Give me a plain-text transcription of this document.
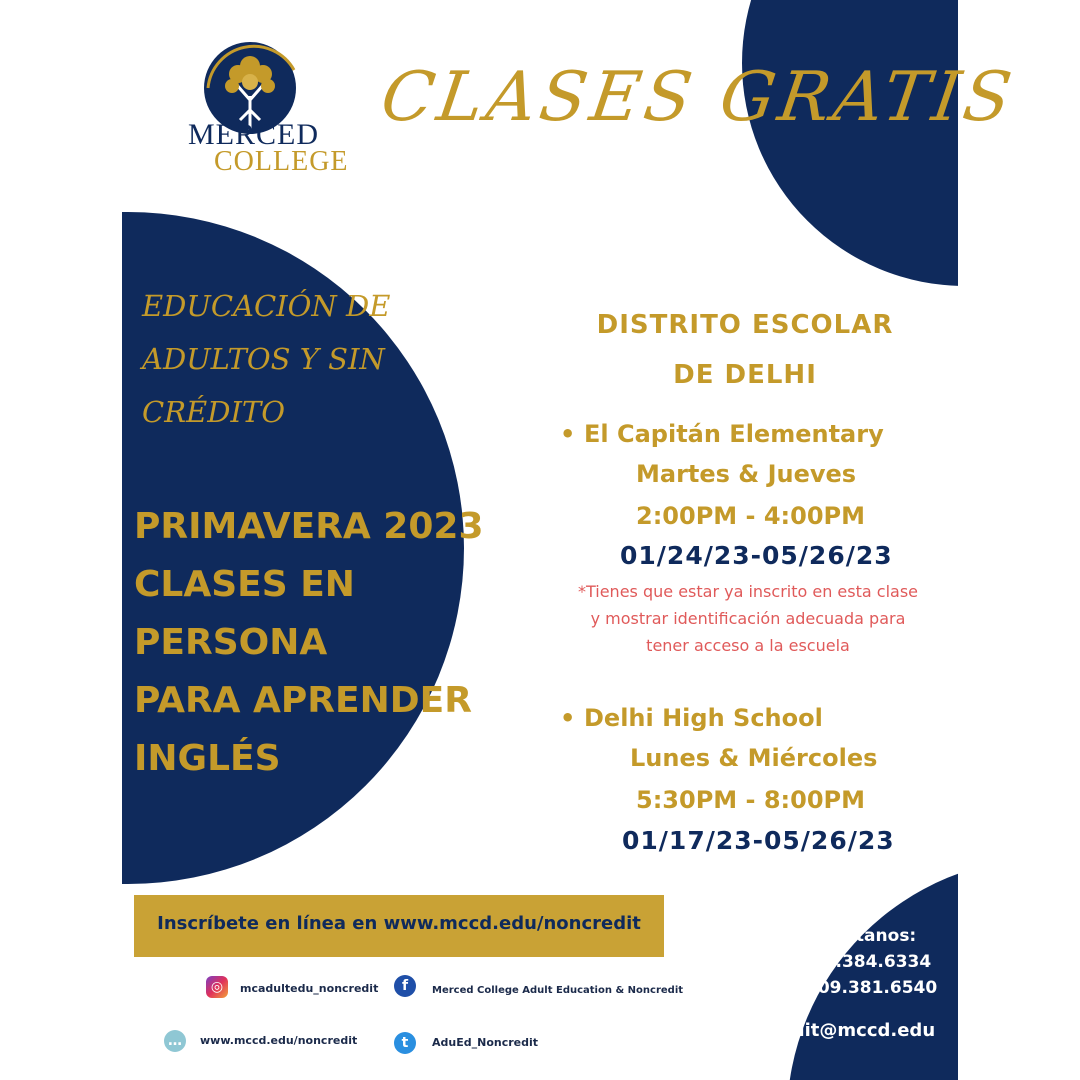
MERCED
COLLEGE
CLASES GRATIS
EDUCACIÓN DE
ADULTOS Y SIN
CRÉDITO
PRIMAVERA 2023
CLASES EN
PERSONA
PARA APRENDER
INGLÉS
DISTRITO ESCOLAR
DE DELHI
• El Capitán Elementary
Martes & Jueves
2:00PM - 4:00PM
01/24/23-05/26/23
*Tienes que estar ya inscrito en esta clase
y mostrar identificación adecuada para
tener acceso a la escuela
• Delhi High School
Lunes & Miércoles
5:30PM - 8:00PM
01/17/23-05/26/23
Inscríbete en línea en www.mccd.edu/noncredit
Contáctanos:
209.384.6334
209.381.6540
noncredit@mccd.edu
◎	mcadultedu_noncredit	f	Merced College Adult Education & Noncredit
…	www.mccd.edu/noncredit	t	AduEd_Noncredit
